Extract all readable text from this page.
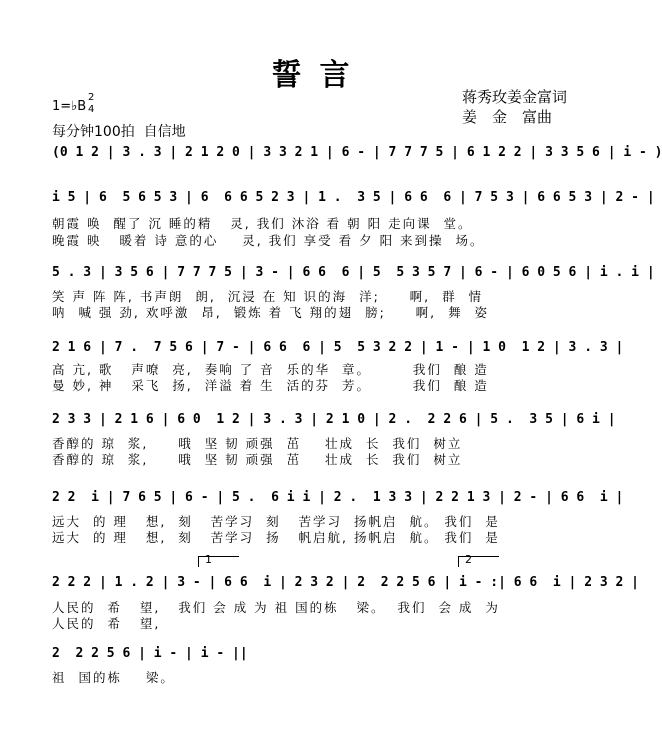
誓言
蒋秀玫姜金富词
姜　金　富曲
1=♭B
2
4
每分钟100拍  自信地
(0 1 2 | 3 . 3 | 2 1 2 0 | 3 3 2 1 | 6 - | 7 7 7 5 | 6 1 2 2 | 3 3 5 6 | i - )
i 5 | 6  5 6 5 3 | 6  6 6 5 2 3 | 1 .  3 5 | 6 6  6 | 7 5 3 | 6 6 5 3 | 2 - |
朝霞 唤  醒了 沉 睡的精   灵, 我们 沐浴 看 朝 阳 走向课  堂。
晚霞 映   暖着 诗 意的心    灵, 我们 享受 看 夕 阳 来到操  场。
5 . 3 | 3 5 6 | 7 7 7 5 | 3 - | 6 6  6 | 5  5 3 5 7 | 6 - | 6 0 5 6 | i . i |
笑 声 阵 阵, 书声朗  朗,  沉浸 在 知 识的海  洋;     啊,  群  情
呐  喊 强 劲, 欢呼激  昂,  锻炼 着 飞 翔的翅  膀;     啊,  舞  姿
2 1 6 | 7 .  7 5 6 | 7 - | 6 6  6 | 5  5 3 2 2 | 1 - | 1 0  1 2 | 3 . 3 |
高 亢, 歌   声嘹  亮,  奏响 了 音  乐的华  章。       我们  酿 造
曼 妙, 神   采飞  扬,  洋溢 着 生  活的芬  芳。       我们  酿 造
2 3 3 | 2 1 6 | 6 0  1 2 | 3 . 3 | 2 1 0 | 2 .  2 2 6 | 5 .  3 5 | 6 i |
香醇的 琼  浆,     哦  坚 韧 顽强  茁    壮成  长  我们  树立
香醇的 琼  浆,     哦  坚 韧 顽强  茁    壮成  长  我们  树立
2 2  i | 7 6 5 | 6 - | 5 .  6 i i | 2 .  1 3 3 | 2 2 1 3 | 2 - | 6 6  i |
远大  的 理   想,  刻   苦学习  刻   苦学习  扬帆启  航。 我们  是
远大  的 理   想,  刻   苦学习  扬   帆启航, 扬帆启  航。 我们  是
1	2
2 2 2 | 1 . 2 | 3 - | 6 6  i | 2 3 2 | 2  2 2 5 6 | i - :| 6 6  i | 2 3 2 |
人民的  希   望,   我们 会 成 为 祖 国的栋   梁。  我们  会 成  为
人民的  希   望,
2  2 2 5 6 | i - | i - ||
祖  国的栋    梁。
